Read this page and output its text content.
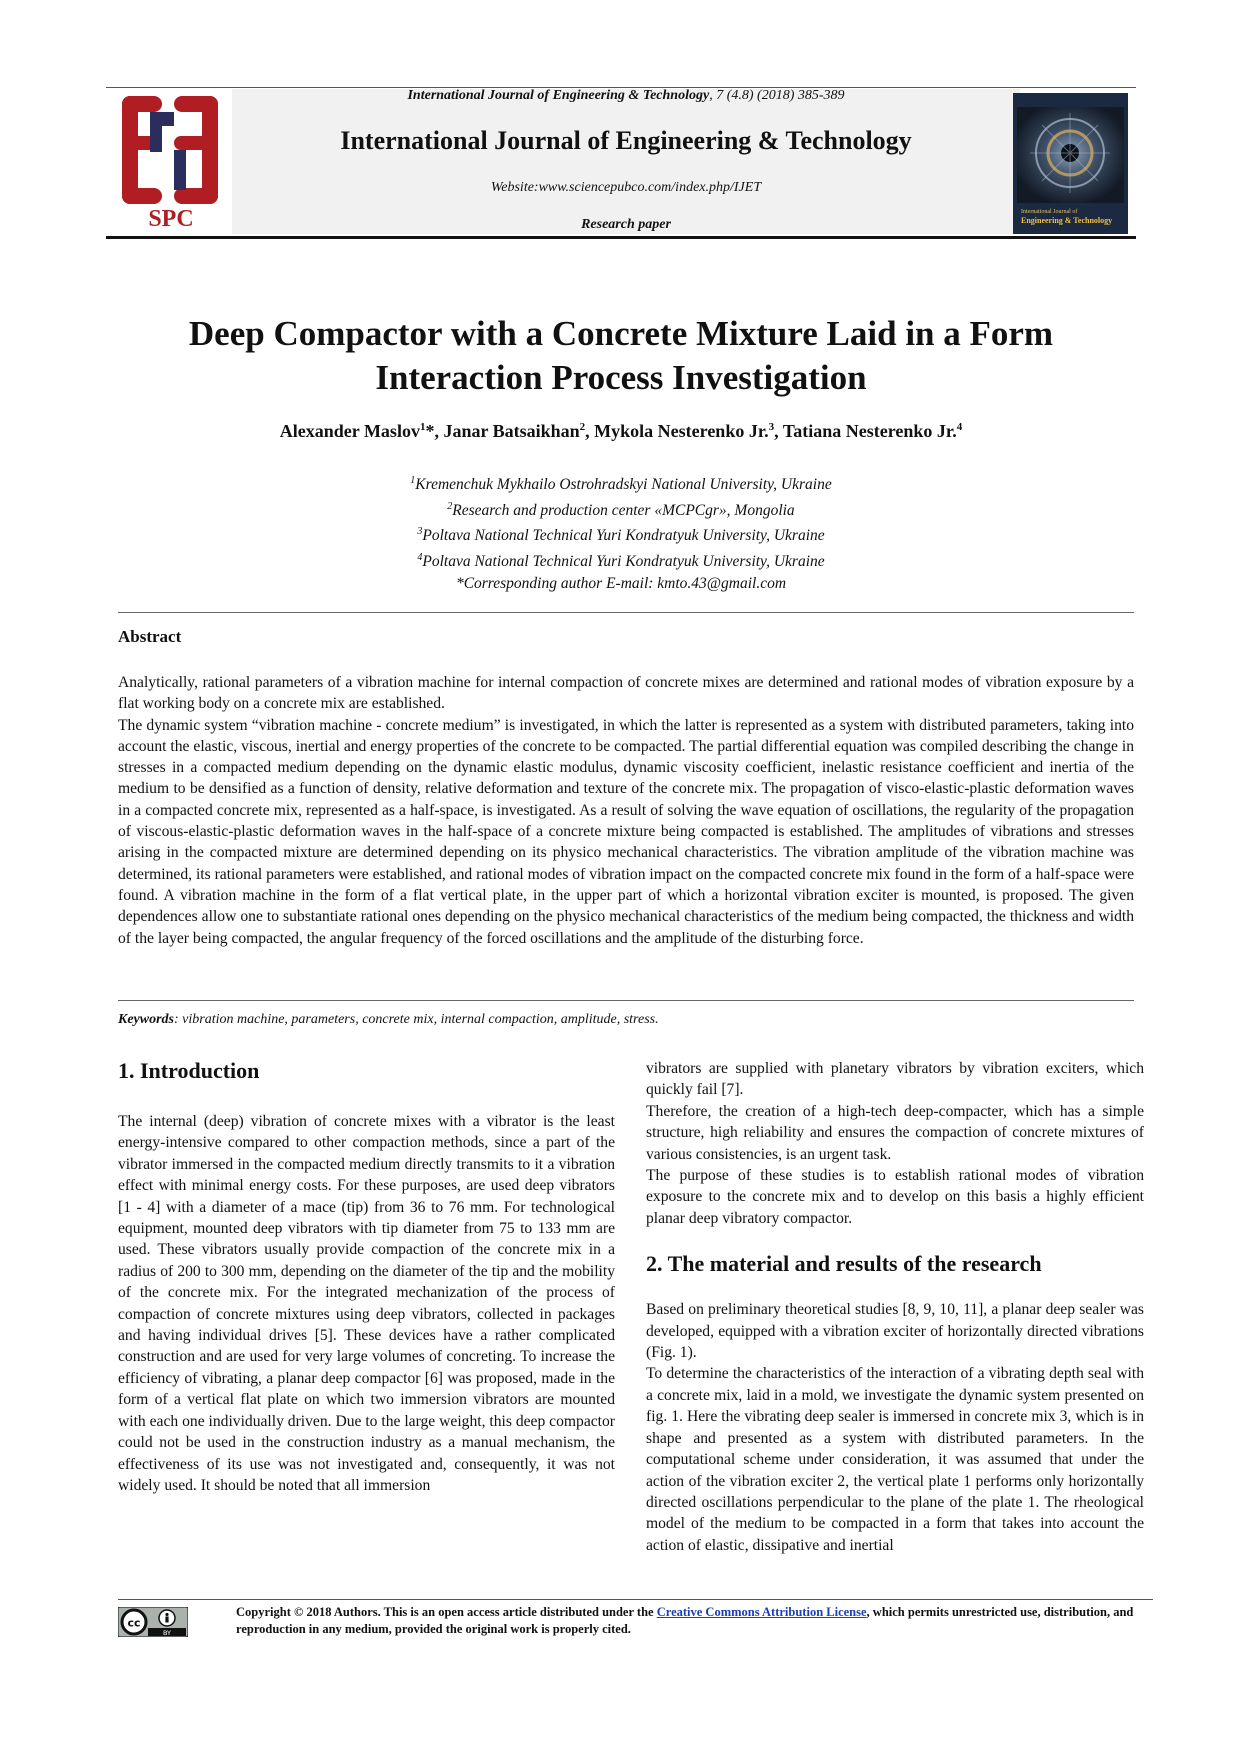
SPC
International Journal of Engineering & Technology, 7 (4.8) (2018) 385-389
International Journal of Engineering & Technology
Website:www.sciencepubco.com/index.php/IJET
Research paper
International Journal of
Engineering & Technology
Deep Compactor with a Concrete Mixture Laid in a Form
Interaction Process Investigation
Alexander Maslov$^1$*, Janar Batsaikhan$^2$, Mykola Nesterenko Jr.$^3$, Tatiana Nesterenko Jr.$^4$
$^1$Kremenchuk Mykhailo Ostrohradskyi National University, Ukraine
$^2$Research and production center «MCPCgr», Mongolia
$^3$Poltava National Technical Yuri Kondratyuk University, Ukraine
$^4$Poltava National Technical Yuri Kondratyuk University, Ukraine
*Corresponding author E-mail: kmto.43@gmail.com
Abstract

Analytically, rational parameters of a vibration machine for internal compaction of concrete mixes are determined and rational modes of vibration exposure by a flat working body on a concrete mix are established.

The dynamic system “vibration machine - concrete medium” is investigated, in which the latter is represented as a system with distributed parameters, taking into account the elastic, viscous, inertial and energy properties of the concrete to be compacted. The partial differential equation was compiled describing the change in stresses in a compacted medium depending on the dynamic elastic modulus, dynamic viscosity coefficient, inelastic resistance coefficient and inertia of the medium to be densified as a function of density, relative deformation and texture of the concrete mix. The propagation of visco-elastic-plastic deformation waves in a compacted concrete mix, represented as a half-space, is investigated. As a result of solving the wave equation of oscillations, the regularity of the propagation of viscous-elastic-plastic deformation waves in the half-space of a concrete mixture being compacted is established. The amplitudes of vibrations and stresses arising in the compacted mixture are determined depending on its physico mechanical characteristics. The vibration amplitude of the vibration machine was determined, its rational parameters were established, and rational modes of vibration impact on the compacted concrete mix found in the form of a half-space were found. A vibration machine in the form of a flat vertical plate, in the upper part of which a horizontal vibration exciter is mounted, is proposed. The given dependences allow one to substantiate rational ones depending on the physico mechanical characteristics of the medium being compacted, the thickness and width of the layer being compacted, the angular frequency of the forced oscillations and the amplitude of the disturbing force.

Keywords: vibration machine, parameters, concrete mix, internal compaction, amplitude, stress.
1. Introduction

The internal (deep) vibration of concrete mixes with a vibrator is the least energy-intensive compared to other compaction methods, since a part of the vibrator immersed in the compacted medium directly transmits to it a vibration effect with minimal energy costs. For these purposes, are used deep vibrators [1 - 4] with a diameter of a mace (tip) from 36 to 76 mm. For technological equipment, mounted deep vibrators with tip diameter from 75 to 133 mm are used. These vibrators usually provide compaction of the concrete mix in a radius of 200 to 300 mm, depending on the diameter of the tip and the mobility of the concrete mix. For the integrated mechanization of the process of compaction of concrete mixtures using deep vibrators, collected in packages and having individual drives [5]. These devices have a rather complicated construction and are used for very large volumes of concreting. To increase the efficiency of vibrating, a planar deep compactor [6] was proposed, made in the form of a vertical flat plate on which two immersion vibrators are mounted with each one individually driven. Due to the large weight, this deep compactor could not be used in the construction industry as a manual mechanism, the effectiveness of its use was not investigated and, consequently, it was not widely used. It should be noted that all immersion

vibrators are supplied with planetary vibrators by vibration exciters, which quickly fail [7].

Therefore, the creation of a high-tech deep-compacter, which has a simple structure, high reliability and ensures the compaction of concrete mixtures of various consistencies, is an urgent task.

The purpose of these studies is to establish rational modes of vibration exposure to the concrete mix and to develop on this basis a highly efficient planar deep vibratory compactor.

2. The material and results of the research

Based on preliminary theoretical studies [8, 9, 10, 11], a planar deep sealer was developed, equipped with a vibration exciter of horizontally directed vibrations (Fig. 1).

To determine the characteristics of the interaction of a vibrating depth seal with a concrete mix, laid in a mold, we investigate the dynamic system presented on fig. 1. Here the vibrating deep sealer is immersed in concrete mix 3, which is in shape and presented as a system with distributed parameters. In the computational scheme under consideration, it was assumed that under the action of the vibration exciter 2, the vertical plate 1 performs only horizontally directed oscillations perpendicular to the plane of the plate 1. The rheological model of the medium to be compacted in a form that takes into account the action of elastic, dissipative and inertial

cc
BY
Copyright © 2018 Authors. This is an open access article distributed under the Creative Commons Attribution License, which permits unrestricted use, distribution, and reproduction in any medium, provided the original work is properly cited.
